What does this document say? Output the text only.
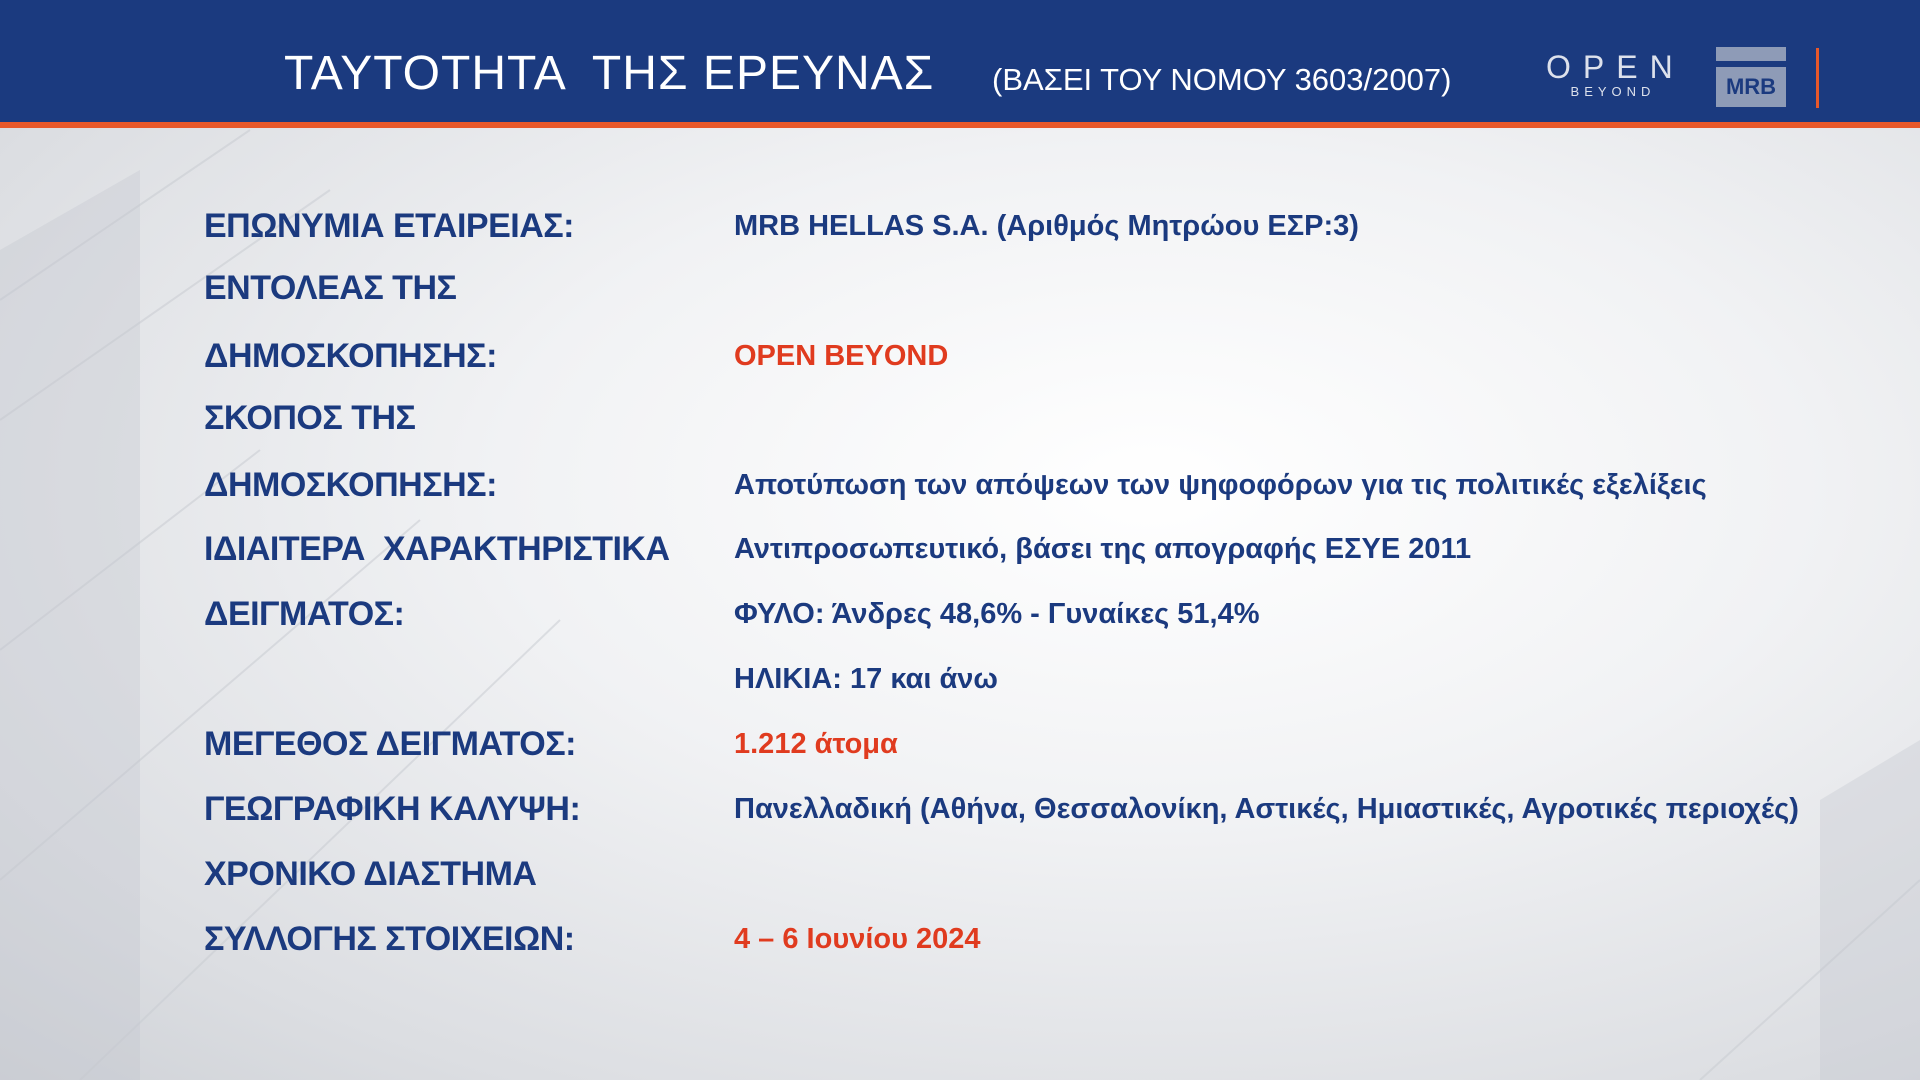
ΤΑΥΤΟΤΗΤΑ  ΤΗΣ ΕΡΕΥΝΑΣ (ΒΑΣΕΙ ΤΟΥ ΝΟΜΟΥ 3603/2007)	OPEN
BEYOND	MRB
ΕΠΩΝΥΜΙΑ ΕΤΑΙΡΕΙΑΣ:	MRB HELLAS S.A. (Αριθμός Μητρώου ΕΣΡ:3)
ΕΝΤΟΛΕΑΣ ΤΗΣ
ΔΗΜΟΣΚΟΠΗΣΗΣ:	OPEN BEYOND
ΣΚΟΠΟΣ ΤΗΣ
ΔΗΜΟΣΚΟΠΗΣΗΣ:	Αποτύπωση των απόψεων των ψηφοφόρων για τις πολιτικές εξελίξεις
ΙΔΙΑΙΤΕΡΑ  ΧΑΡΑΚΤΗΡΙΣΤΙΚΑ Αντιπροσωπευτικό, βάσει της απογραφής ΕΣΥΕ 2011
ΔΕΙΓΜΑΤΟΣ:	ΦΥΛΟ: Άνδρες 48,6% - Γυναίκες 51,4%
ΗΛΙΚΙΑ: 17 και άνω
ΜΕΓΕΘΟΣ ΔΕΙΓΜΑΤΟΣ:	1.212 άτομα
ΓΕΩΓΡΑΦΙΚΗ ΚΑΛΥΨΗ:	Πανελλαδική (Αθήνα, Θεσσαλονίκη, Αστικές, Ημιαστικές, Αγροτικές περιοχές)
ΧΡΟΝΙΚΟ ΔΙΑΣΤΗΜΑ
ΣΥΛΛΟΓΗΣ ΣΤΟΙΧΕΙΩΝ:	4 – 6 Ιουνίου 2024
